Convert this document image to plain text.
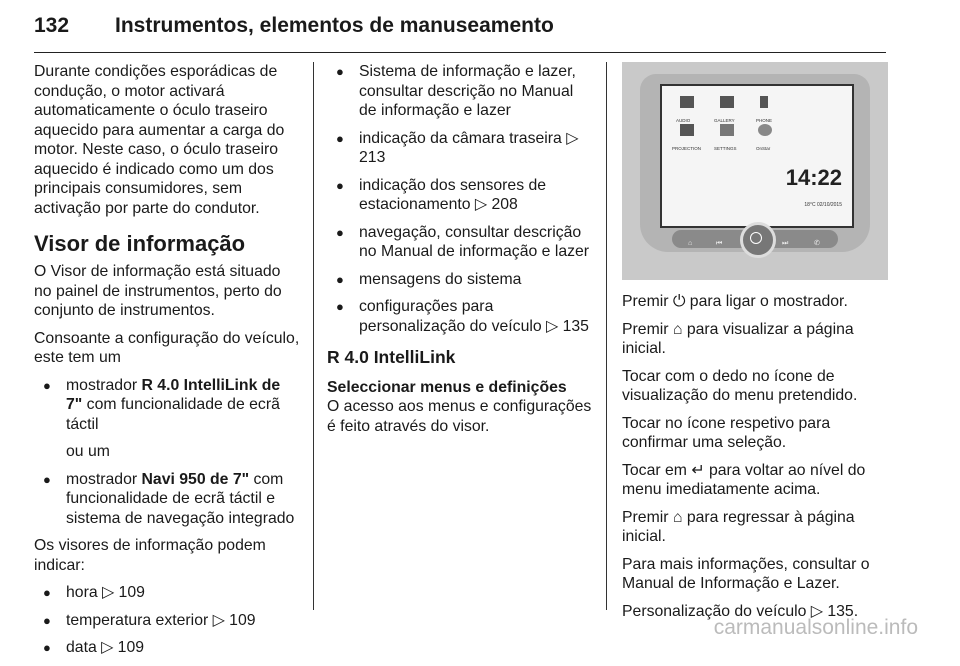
132 Instrumentos, elementos de manuseamento

Durante condições esporádicas de condução, o motor activará automaticamente o óculo traseiro aquecido para aumentar a carga do motor. Neste caso, o óculo traseiro aquecido é indicado como um dos principais consumidores, sem activação por parte do condutor.

Visor de informação

O Visor de informação está situado no painel de instrumentos, perto do conjunto de instrumentos.

Consoante a configuração do veículo, este tem um

● mostrador R 4.0 IntelliLink de 7" com funcionalidade de ecrã táctil

ou um

● mostrador Navi 950 de 7" com funcionalidade de ecrã táctil e sistema de navegação integrado

Os visores de informação podem indicar:

● hora ▷ 109
● temperatura exterior ▷ 109
● data ▷ 109
● Sistema de informação e lazer, consultar descrição no Manual de informação e lazer
● indicação da câmara traseira ▷ 213
● indicação dos sensores de estacionamento ▷ 208
● navegação, consultar descrição no Manual de informação e lazer
● mensagens do sistema
● configurações para personalização do veículo ▷ 135
R 4.0 IntelliLink
Seleccionar menus e definições

O acesso aos menus e configurações é feito através do visor.

AUDIO	GALLERY	PHONE
PROJECTION	SETTINGS	OnStar
14:22
18°C 02/10/2015
⌂	⏮	⏭	✆

Premir ⏻ para ligar o mostrador.

Premir ⌂ para visualizar a página inicial.

Tocar com o dedo no ícone de visualização do menu pretendido.

Tocar no ícone respetivo para confirmar uma seleção.

Tocar em ↵ para voltar ao nível do menu imediatamente acima.

Premir ⌂ para regressar à página inicial.

Para mais informações, consultar o Manual de Informação e Lazer.

Personalização do veículo ▷ 135.

carmanualsonline.info
